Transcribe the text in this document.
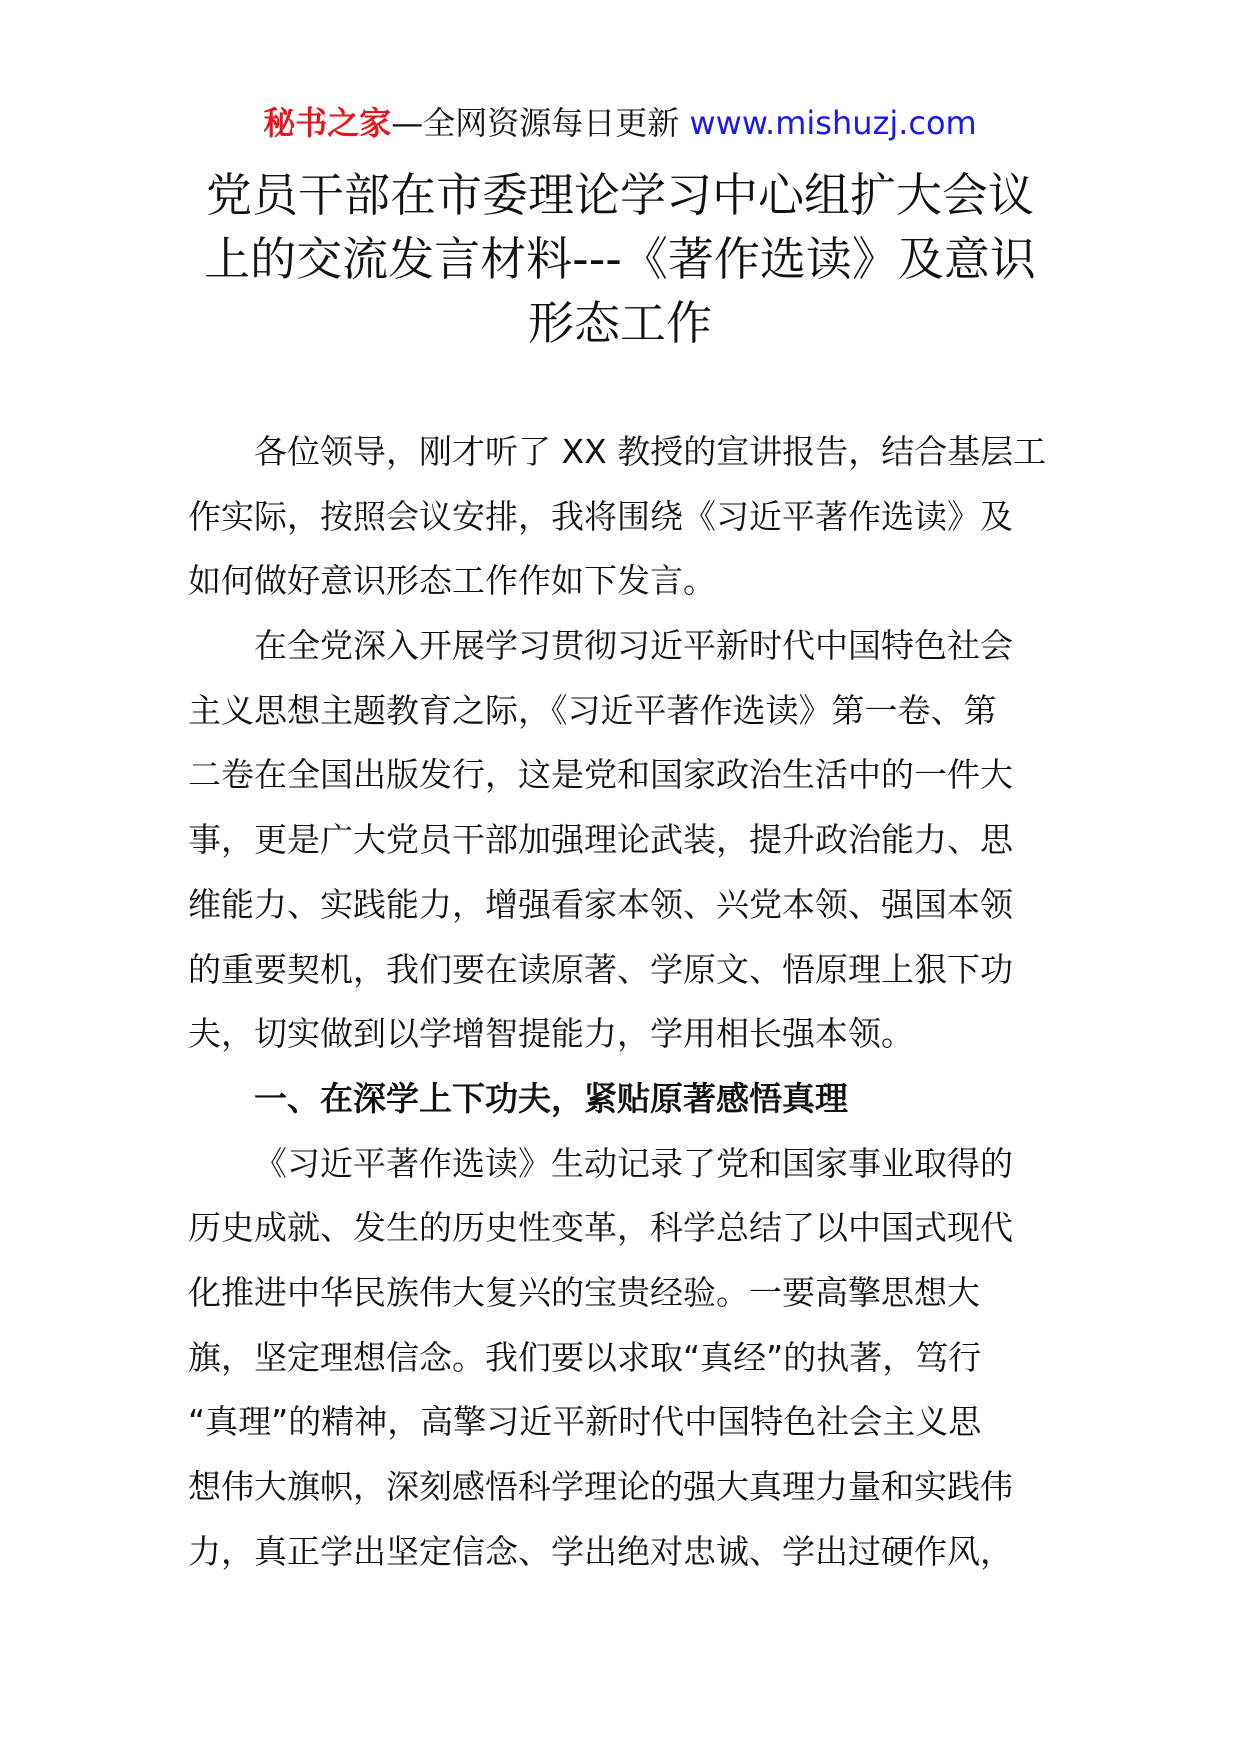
秘书之家—全网资源每日更新 www.mishuzj.com
党员干部在市委理论学习中心组扩大会议
上的交流发言材料---《著作选读》及意识
形态工作
各位领导，刚才听了 XX 教授的宣讲报告，结合基层工
作实际，按照会议安排，我将围绕《习近平著作选读》及
如何做好意识形态工作作如下发言。
在全党深入开展学习贯彻习近平新时代中国特色社会
主义思想主题教育之际，《习近平著作选读》第一卷、第
二卷在全国出版发行，这是党和国家政治生活中的一件大
事，更是广大党员干部加强理论武装，提升政治能力、思
维能力、实践能力，增强看家本领、兴党本领、强国本领
的重要契机，我们要在读原著、学原文、悟原理上狠下功
夫，切实做到以学增智提能力，学用相长强本领。
一、在深学上下功夫，紧贴原著感悟真理
《习近平著作选读》生动记录了党和国家事业取得的
历史成就、发生的历史性变革，科学总结了以中国式现代
化推进中华民族伟大复兴的宝贵经验。一要高擎思想大
旗，坚定理想信念。我们要以求取“真经”的执著，笃行
“真理”的精神，高擎习近平新时代中国特色社会主义思
想伟大旗帜，深刻感悟科学理论的强大真理力量和实践伟
力，真正学出坚定信念、学出绝对忠诚、学出过硬作风，
